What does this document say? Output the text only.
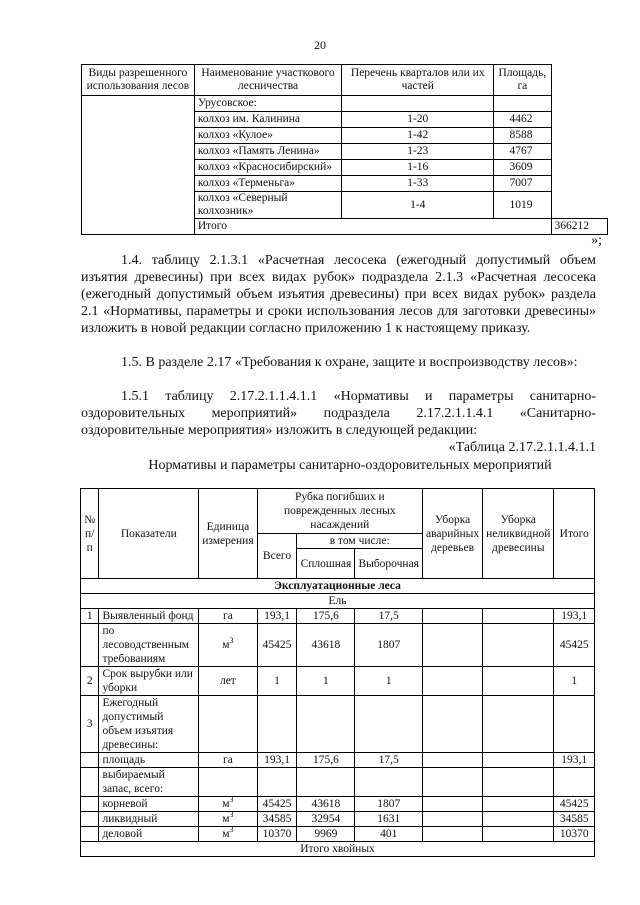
20
Виды разрешенного использования лесов	Наименование участкового лесничества	Перечень кварталов или их частей	Площадь, га	
	Урусовское:			
	колхоз им. Калинина	1-20	4462	
	колхоз «Кулое»	1-42	8588	
	колхоз «Память Ленина»	1-23	4767	
	колхоз «Красносибирский»	1-16	3609	
	колхоз «Терменьга»	1-33	7007	
	колхоз «Северный колхозник»	1-4	1019	
	Итого			366212
»;
1.4. таблицу 2.1.3.1 «Расчетная лесосека (ежегодный допустимый объем изъятия древесины) при всех видах рубок» подраздела 2.1.3 «Расчетная лесосека (ежегодный допустимый объем изъятия древесины) при всех видах рубок» раздела 2.1 «Нормативы, параметры и сроки использования лесов для заготовки древесины» изложить в новой редакции согласно приложению 1 к настоящему приказу.
1.5. В разделе 2.17 «Требования к охране, защите и воспроизводству лесов»:
1.5.1 таблицу 2.17.2.1.1.4.1.1 «Нормативы и параметры санитарно-оздоровительных мероприятий» подраздела 2.17.2.1.1.4.1 «Санитарно-оздоровительные мероприятия» изложить в следующей редакции:
«Таблица 2.17.2.1.1.4.1.1
Нормативы и параметры санитарно-оздоровительных мероприятий
№ п/п	Показатели	Единица измерения	Рубка погибших и поврежденных лесных насаждений			Уборка аварийных деревьев	Уборка неликвидной древесины	Итого
			Всего	в том числе:				
				Сплошная	Выборочная			
Эксплуатационные леса								
Ель								
1	Выявленный фонд	га	193,1	175,6	17,5			193,1
	по лесоводственным требованиям	$м^3$	45425	43618	1807			45425
2	Срок вырубки или уборки	лет	1	1	1			1
3	Ежегодный допустимый объем изъятия древесины:							
	площадь	га	193,1	175,6	17,5			193,1
	выбираемый запас, всего:							
	корневой	$м^3$	45425	43618	1807			45425
	ликвидный	$м^3$	34585	32954	1631			34585
	деловой	$м^3$	10370	9969	401			10370
Итого хвойных								
